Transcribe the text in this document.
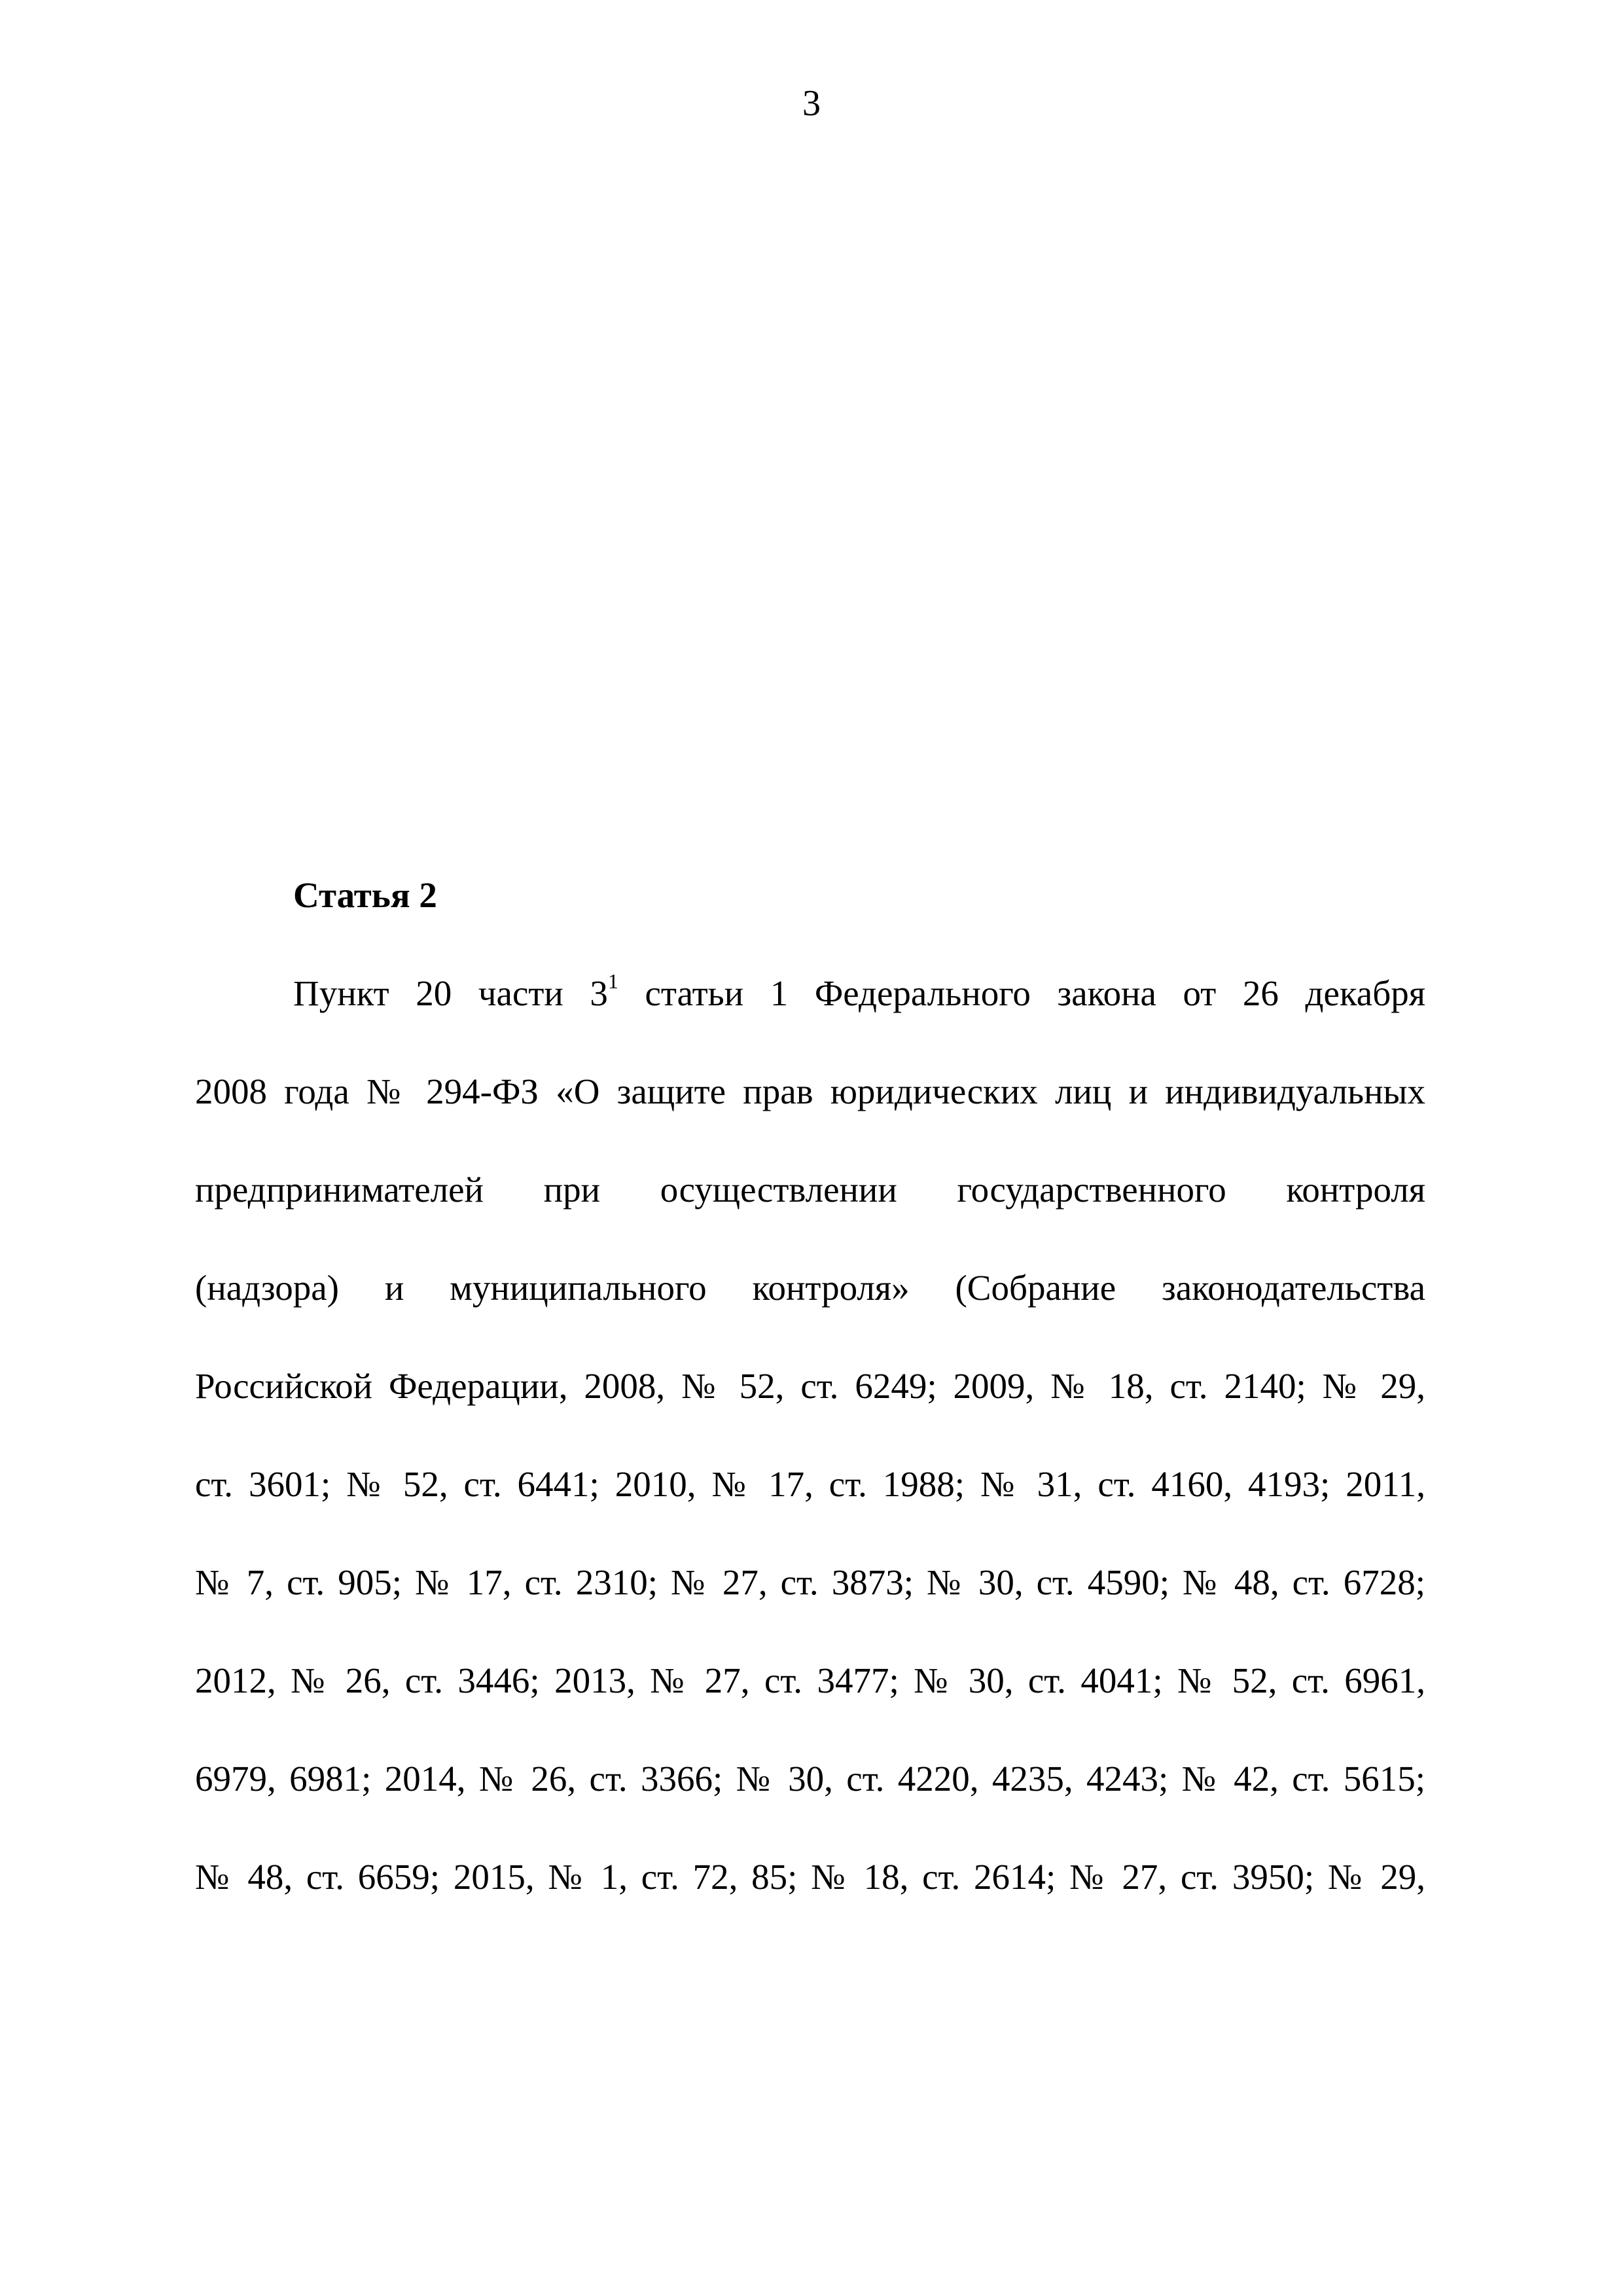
3
Статья 2
Пункт 20 части $3^1$ статьи 1 Федерального закона от 26 декабря
2008 года № 294-ФЗ «О защите прав юридических лиц и индивидуальных
предпринимателей при осуществлении государственного контроля
(надзора) и муниципального контроля» (Собрание законодательства
Российской Федерации, 2008, № 52, ст. 6249; 2009, № 18, ст. 2140; № 29,
ст. 3601; № 52, ст. 6441; 2010, № 17, ст. 1988; № 31, ст. 4160, 4193; 2011,
№ 7, ст. 905; № 17, ст. 2310; № 27, ст. 3873; № 30, ст. 4590; № 48, ст. 6728;
2012, № 26, ст. 3446; 2013, № 27, ст. 3477; № 30, ст. 4041; № 52, ст. 6961,
6979, 6981; 2014, № 26, ст. 3366; № 30, ст. 4220, 4235, 4243; № 42, ст. 5615;
№ 48, ст. 6659; 2015, № 1, ст. 72, 85; № 18, ст. 2614; № 27, ст. 3950; № 29,
